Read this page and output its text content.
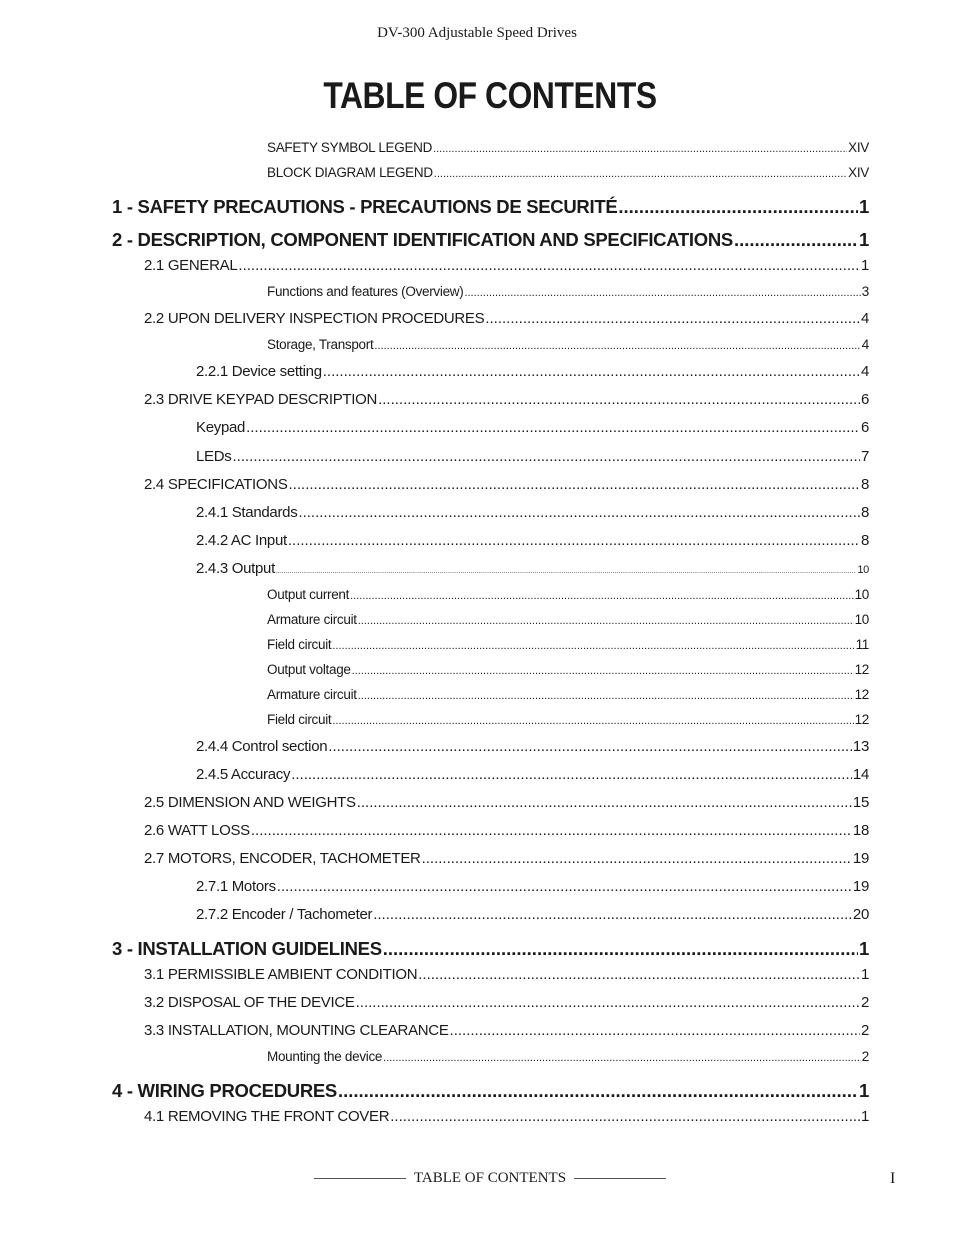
DV-300 Adjustable Speed Drives
TABLE OF CONTENTS
SAFETY SYMBOL LEGEND .....	XIV
BLOCK DIAGRAM LEGEND .....	XIV
1 - SAFETY PRECAUTIONS - PRECAUTIONS DE SECURITÉ .....	1
2 - DESCRIPTION, COMPONENT IDENTIFICATION AND SPECIFICATIONS .....	1
2.1 GENERAL .....	1
Functions and features (Overview) .....	3
2.2 UPON DELIVERY INSPECTION PROCEDURES .....	4
Storage, Transport .....	4
2.2.1 Device setting .....	4
2.3 DRIVE KEYPAD DESCRIPTION .....	6
Keypad .....	6
LEDs .....	7
2.4 SPECIFICATIONS .....	8
2.4.1 Standards .....	8
2.4.2 AC Input .....	8
2.4.3 Output .....	10
Output current .....	10
Armature circuit .....	10
Field circuit .....	11
Output voltage .....	12
Armature circuit .....	12
Field circuit .....	12
2.4.4 Control section .....	13
2.4.5 Accuracy .....	14
2.5 DIMENSION AND WEIGHTS .....	15
2.6 WATT LOSS .....	18
2.7 MOTORS, ENCODER, TACHOMETER .....	19
2.7.1 Motors .....	19
2.7.2 Encoder / Tachometer .....	20
3 - INSTALLATION GUIDELINES .....	1
3.1 PERMISSIBLE AMBIENT CONDITION .....	1
3.2 DISPOSAL OF THE DEVICE .....	2
3.3 INSTALLATION, MOUNTING CLEARANCE .....	2
Mounting the device .....	2
4 - WIRING PROCEDURES .....	1
4.1 REMOVING THE FRONT COVER .....	1
TABLE OF CONTENTS	I
